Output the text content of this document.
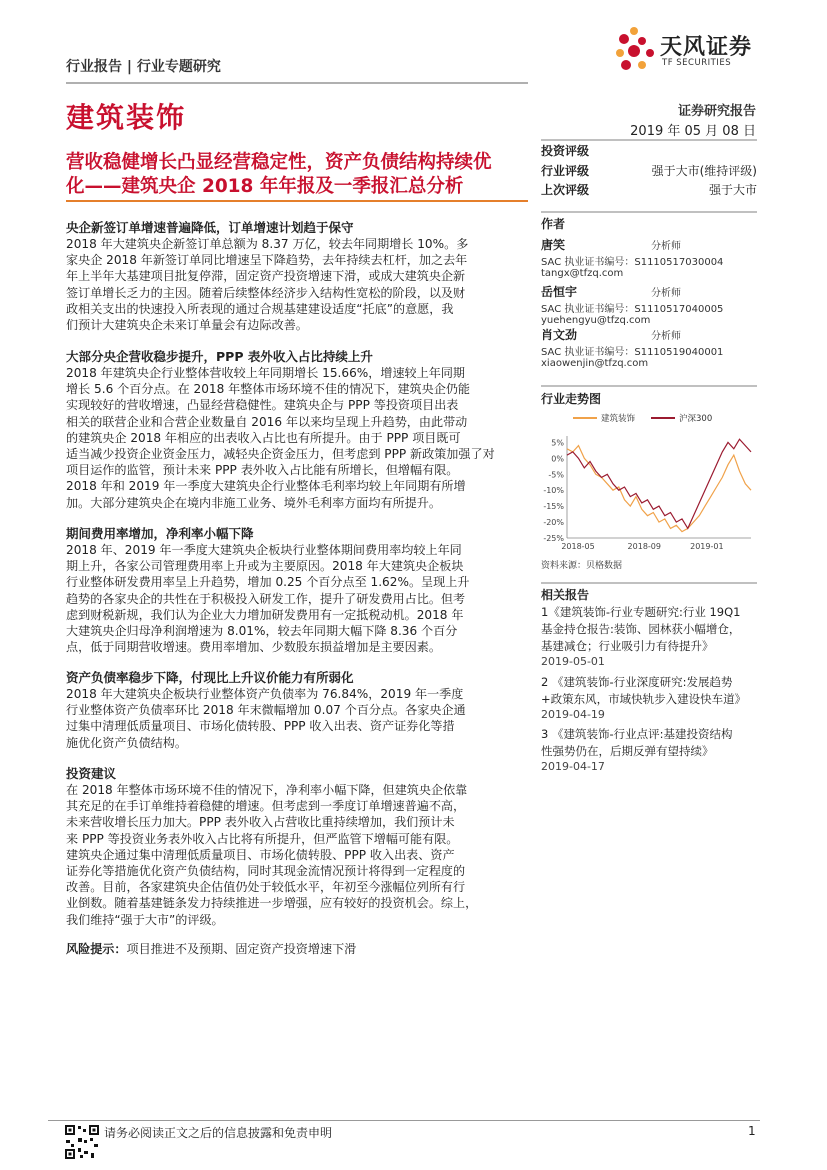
行业报告 | 行业专题研究
天风证券
TF SECURITIES
建筑装饰	证券研究报告
2019 年 05 月 08 日
营收稳健增长凸显经营稳定性，资产负债结构持续优
化——建筑央企 2018 年年报及一季报汇总分析
央企新签订单增速普遍降低，订单增速计划趋于保守
2018 年大建筑央企新签订单总额为 8.37 万亿，较去年同期增长 10%。多
家央企 2018 年新签订单同比增速呈下降趋势，去年持续去杠杆，加之去年
年上半年大基建项目批复停滞，固定资产投资增速下滑，或成大建筑央企新
签订单增长乏力的主因。随着后续整体经济步入结构性宽松的阶段，以及财
政相关支出的快速投入所表现的通过合规基建建设适度“托底”的意愿，我
们预计大建筑央企未来订单量会有边际改善。
大部分央企营收稳步提升，PPP 表外收入占比持续上升
2018 年建筑央企行业整体营收较上年同期增长 15.66%，增速较上年同期
增长 5.6 个百分点。在 2018 年整体市场环境不佳的情况下，建筑央企仍能
实现较好的营收增速，凸显经营稳健性。建筑央企与 PPP 等投资项目出表
相关的联营企业和合营企业数量自 2016 年以来均呈现上升趋势，由此带动
的建筑央企 2018 年相应的出表收入占比也有所提升。由于 PPP 项目既可
适当减少投资企业资金压力，减轻央企资金压力，但考虑到 PPP 新政策加强了对
项目运作的监管，预计未来 PPP 表外收入占比能有所增长，但增幅有限。
2018 年和 2019 年一季度大建筑央企行业整体毛利率均较上年同期有所增
加。大部分建筑央企在境内非施工业务、境外毛利率方面均有所提升。
期间费用率增加，净利率小幅下降
2018 年、2019 年一季度大建筑央企板块行业整体期间费用率均较上年同
期上升，各家公司管理费用率上升或为主要原因。2018 年大建筑央企板块
行业整体研发费用率呈上升趋势，增加 0.25 个百分点至 1.62%。呈现上升
趋势的各家央企的共性在于积极投入研发工作，提升了研发费用占比。但考
虑到财税新规，我们认为企业大力增加研发费用有一定抵税动机。2018 年
大建筑央企归母净利润增速为 8.01%，较去年同期大幅下降 8.36 个百分
点，低于同期营收增速。费用率增加、少数股东损益增加是主要因素。
资产负债率稳步下降，付现比上升议价能力有所弱化
2018 年大建筑央企板块行业整体资产负债率为 76.84%，2019 年一季度
行业整体资产负债率环比 2018 年末微幅增加 0.07 个百分点。各家央企通
过集中清理低质量项目、市场化债转股、PPP 收入出表、资产证券化等措
施优化资产负债结构。
投资建议
在 2018 年整体市场环境不佳的情况下，净利率小幅下降，但建筑央企依靠
其充足的在手订单维持着稳健的增速。但考虑到一季度订单增速普遍不高，
未来营收增长压力加大。PPP 表外收入占营收比重持续增加，我们预计未
来 PPP 等投资业务表外收入占比将有所提升，但严监管下增幅可能有限。
建筑央企通过集中清理低质量项目、市场化债转股、PPP 收入出表、资产
证券化等措施优化资产负债结构，同时其现金流情况预计将得到一定程度的
改善。目前，各家建筑央企估值仍处于较低水平，年初至今涨幅位列所有行
业倒数。随着基建链条发力持续推进一步增强，应有较好的投资机会。综上，
我们维持“强于大市”的评级。
风险提示：项目推进不及预期、固定资产投资增速下滑
投资评级
行业评级	强于大市(维持评级)
上次评级	强于大市
作者
唐笑	分析师
SAC 执业证书编号：S1110517030004
tangx@tfzq.com
岳恒宇	分析师
SAC 执业证书编号：S1110517040005
yuehengyu@tfzq.com
肖文劲	分析师
SAC 执业证书编号：S1110519040001
xiaowenjin@tfzq.com
行业走势图
5%
0%
-5%
-10%
-15%
-20%
-25%
2018-05	2018-09	2019-01
建筑装饰	沪深300
资料来源：贝格数据
相关报告
1《建筑装饰-行业专题研究:行业 19Q1
基金持仓报告:装饰、园林获小幅增仓，
基建减仓；行业吸引力有待提升》
2019-05-01
2 《建筑装饰-行业深度研究:发展趋势
+政策东风，市域快轨步入建设快车道》
2019-04-19
3 《建筑装饰-行业点评:基建投资结构
性强势仍在，后期反弹有望持续》
2019-04-17
请务必阅读正文之后的信息披露和免责申明	1
